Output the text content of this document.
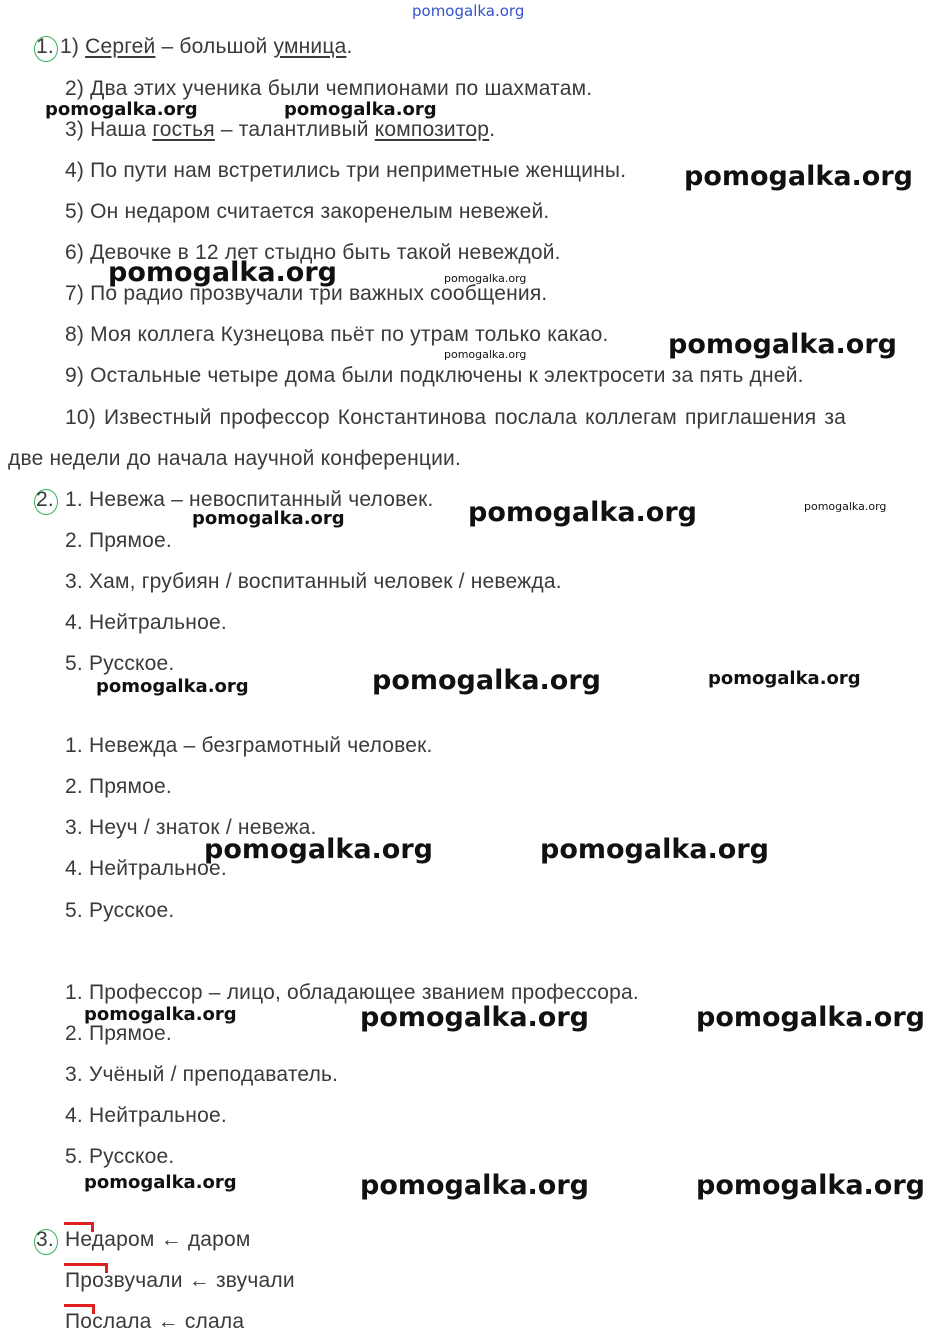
pomogalka.org
1. 1) Сергей – большой умница.
2) Два этих ученика были чемпионами по шахматам.
3) Наша гостья – талантливый композитор.
4) По пути нам встретились три неприметные женщины.
5) Он недаром считается закоренелым невежей.
6) Девочке в 12 лет стыдно быть такой невеждой.
7) По радио прозвучали три важных сообщения.
8) Моя коллега Кузнецова пьёт по утрам только какао.
9) Остальные четыре дома были подключены к электросети за пять дней.
10) Известный профессор Константинова послала коллегам приглашения за
две недели до начала научной конференции.
2. 1. Невежа – невоспитанный человек.
2. Прямое.
3. Хам, грубиян / воспитанный человек / невежда.
4. Нейтральное.
5. Русское.
1. Невежда – безграмотный человек.
2. Прямое.
3. Неуч / знаток / невежа.
4. Нейтральное.
5. Русское.
1. Профессор – лицо, обладающее званием профессора.
2. Прямое.
3. Учёный / преподаватель.
4. Нейтральное.
5. Русское.
3. Недаром ← даром
Прозвучали ← звучали
Послала ← слала
pomogalka.org	pomogalka.org
pomogalka.org
pomogalka.org	pomogalka.org
pomogalka.org
pomogalka.org
pomogalka.org	pomogalka.org	pomogalka.org
pomogalka.org	pomogalka.org	pomogalka.org
pomogalka.org	pomogalka.org
pomogalka.org	pomogalka.org	pomogalka.org
pomogalka.org	pomogalka.org	pomogalka.org
